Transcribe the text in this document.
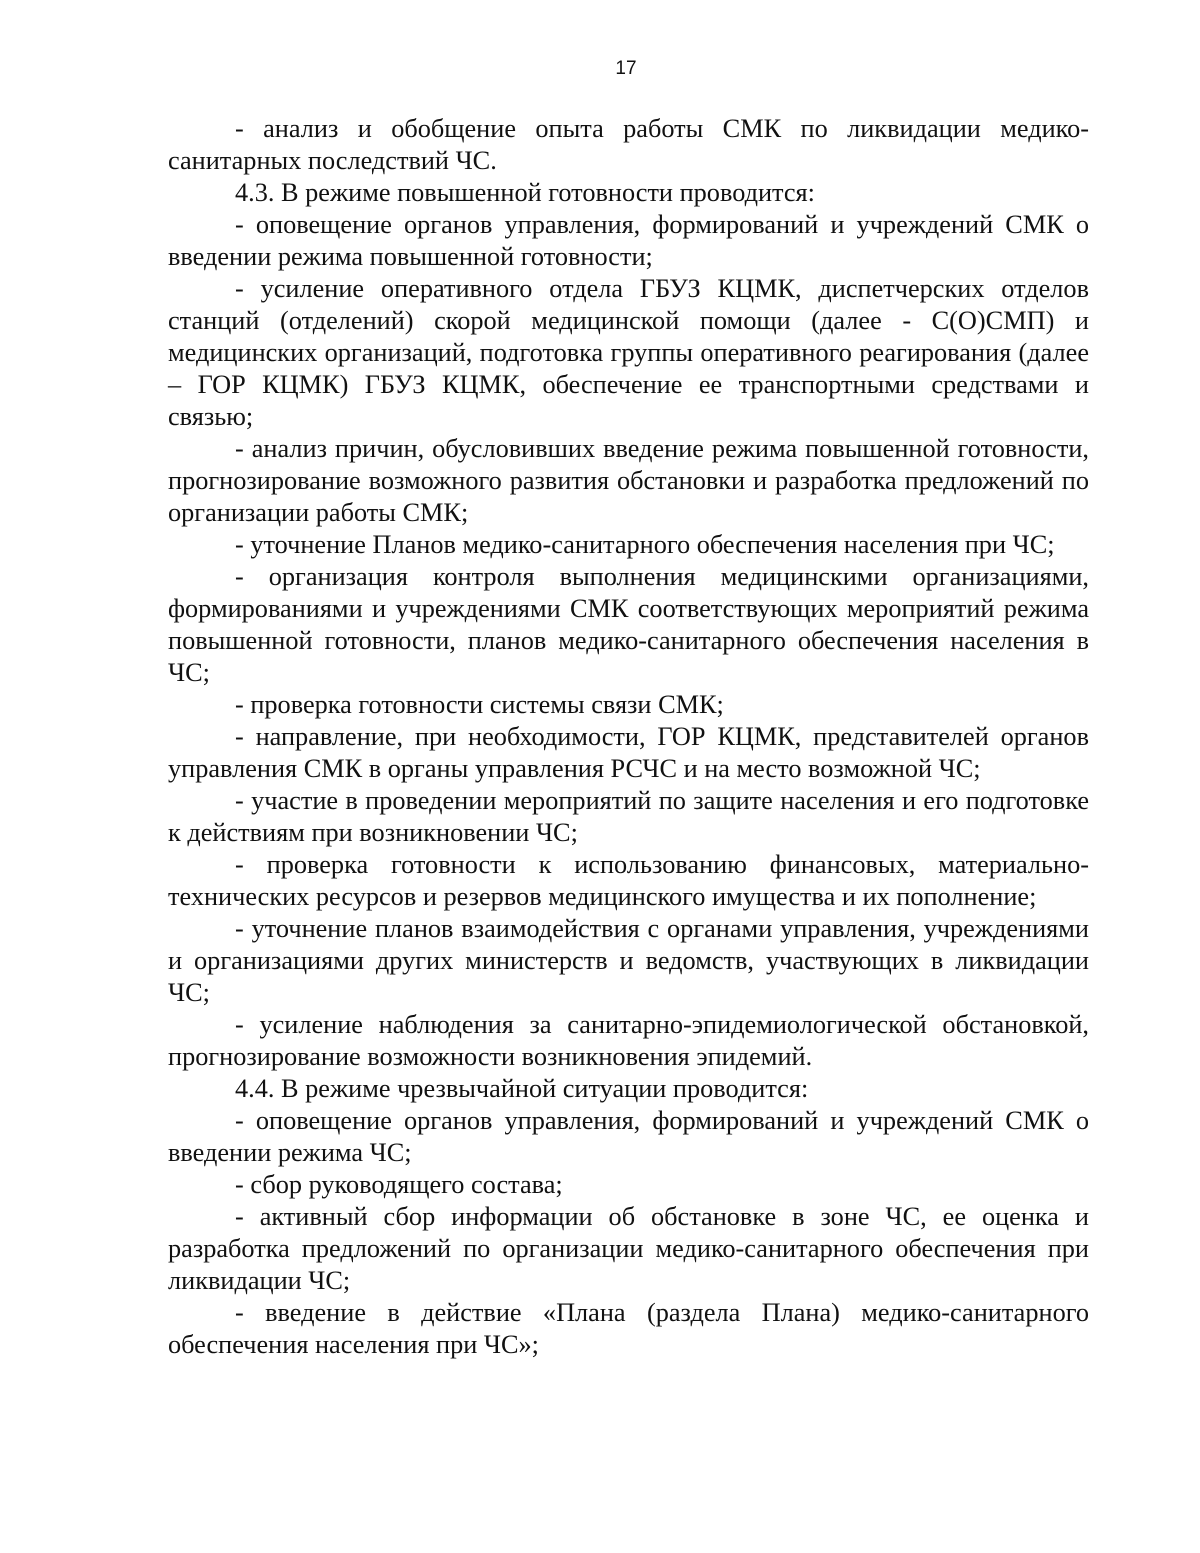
17

- анализ и обобщение опыта работы СМК по ликвидации медико-санитарных последствий ЧС.

4.3. В режиме повышенной готовности проводится:

- оповещение органов управления, формирований и учреждений СМК о введении режима повышенной готовности;

- усиление оперативного отдела ГБУЗ КЦМК, диспетчерских отделов станций (отделений) скорой медицинской помощи (далее - С(О)СМП) и медицинских организаций, подготовка группы оперативного реагирования (далее – ГОР КЦМК) ГБУЗ КЦМК, обеспечение ее транспортными средствами и связью;

- анализ причин, обусловивших введение режима повышенной готовности, прогнозирование возможного развития обстановки и разработка предложений по организации работы СМК;

- уточнение Планов медико-санитарного обеспечения населения при ЧС;

- организация контроля выполнения медицинскими организациями, формированиями и учреждениями СМК соответствующих мероприятий режима повышенной готовности, планов медико-санитарного обеспечения населения в ЧС;

- проверка готовности системы связи СМК;

- направление, при необходимости, ГОР КЦМК, представителей органов управления СМК в органы управления РСЧС и на место возможной ЧС;

- участие в проведении мероприятий по защите населения и его подготовке к действиям при возникновении ЧС;

- проверка готовности к использованию финансовых, материально-технических ресурсов и резервов медицинского имущества и их пополнение;

- уточнение планов взаимодействия с органами управления, учреждениями и организациями других министерств и ведомств, участвующих в ликвидации ЧС;

- усиление наблюдения за санитарно-эпидемиологической обстановкой, прогнозирование возможности возникновения эпидемий.

4.4. В режиме чрезвычайной ситуации проводится:

- оповещение органов управления, формирований и учреждений СМК о введении режима ЧС;

- сбор руководящего состава;

- активный сбор информации об обстановке в зоне ЧС, ее оценка и разработка предложений по организации медико-санитарного обеспечения при ликвидации ЧС;

- введение в действие «Плана (раздела Плана) медико-санитарного обеспечения населения при ЧС»;
